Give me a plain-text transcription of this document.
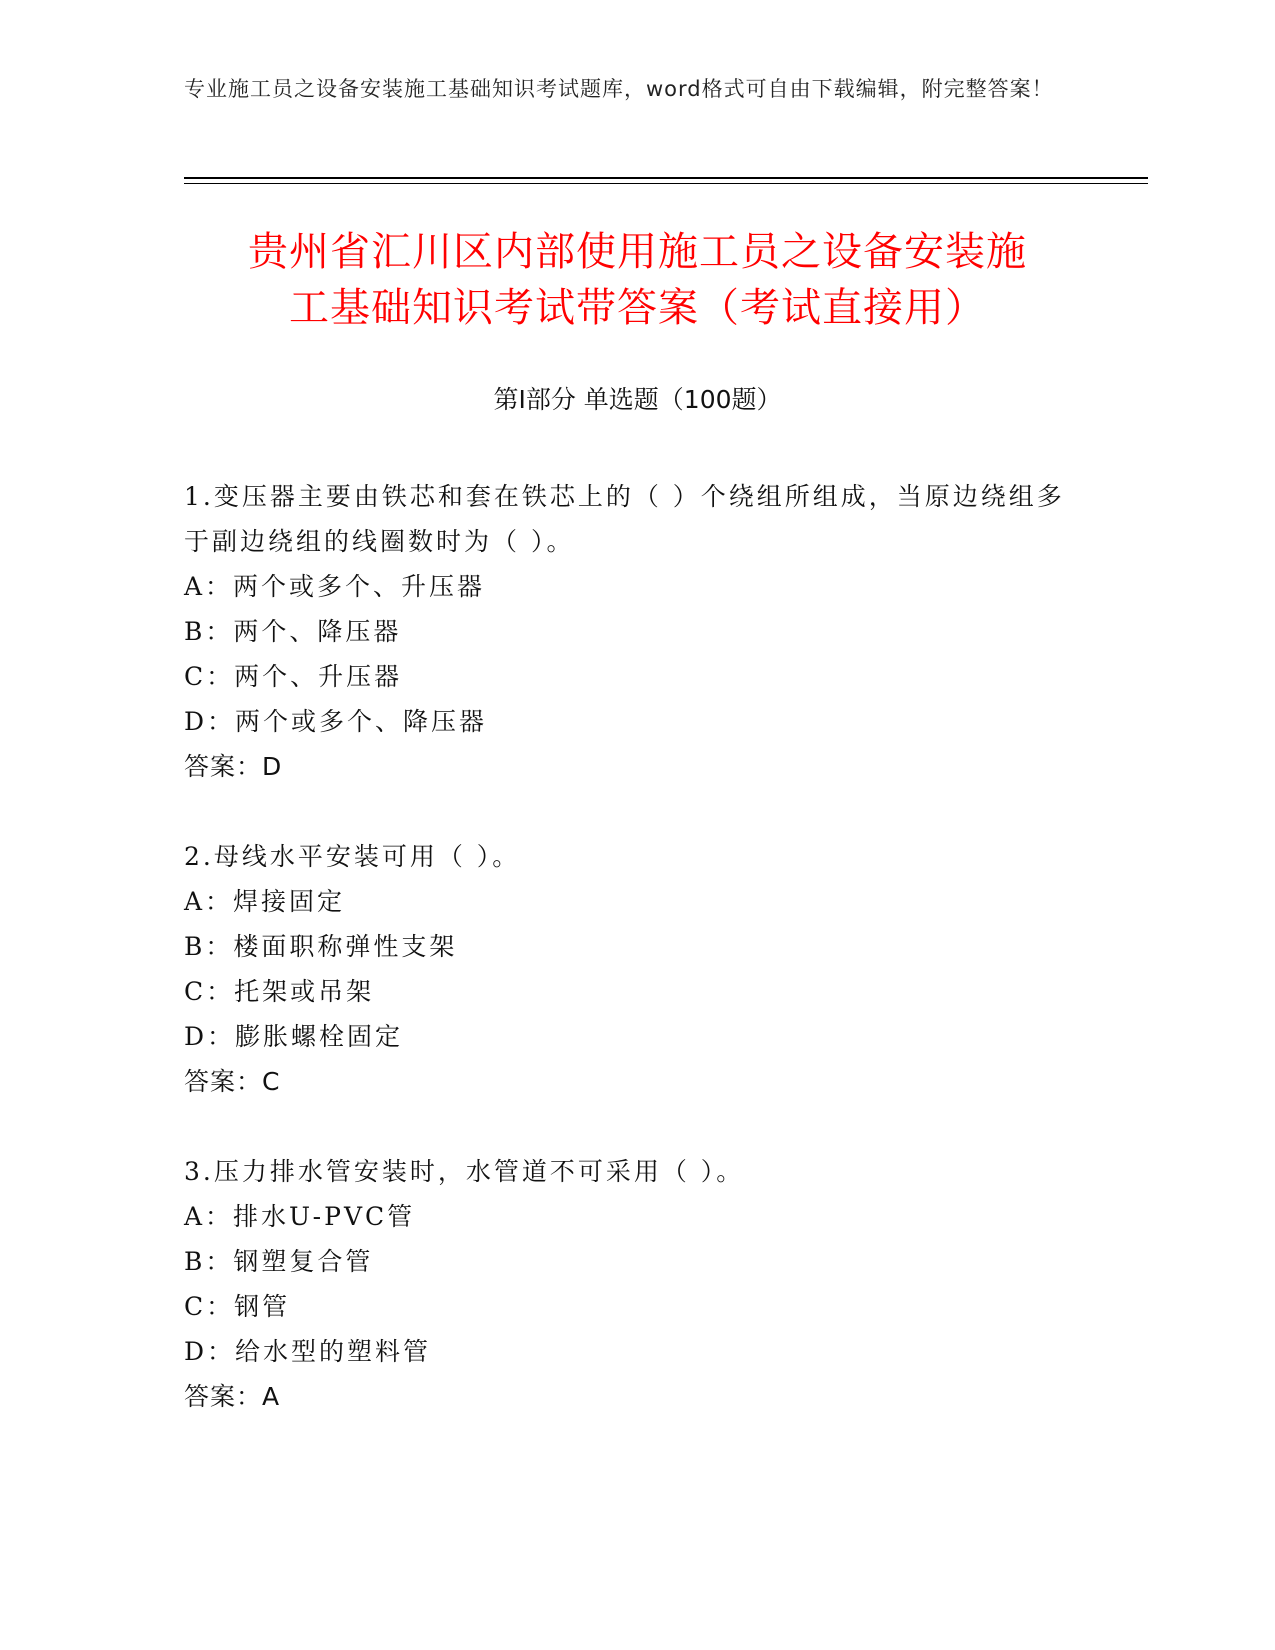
专业施工员之设备安装施工基础知识考试题库，word格式可自由下载编辑，附完整答案！
贵州省汇川区内部使用施工员之设备安装施
工基础知识考试带答案（考试直接用）
第Ⅰ部分 单选题（100题）

1.变压器主要由铁芯和套在铁芯上的（ ）个绕组所组成，当原边绕组多于副边绕组的线圈数时为（ ）。

A：两个或多个、升压器

B：两个、降压器

C：两个、升压器

D：两个或多个、降压器

答案：D

2.母线水平安装可用（ ）。

A：焊接固定

B：楼面职称弹性支架

C：托架或吊架

D：膨胀螺栓固定

答案：C

3.压力排水管安装时，水管道不可采用（ ）。

A：排水U-PVC管

B：钢塑复合管

C：钢管

D：给水型的塑料管

答案：A
